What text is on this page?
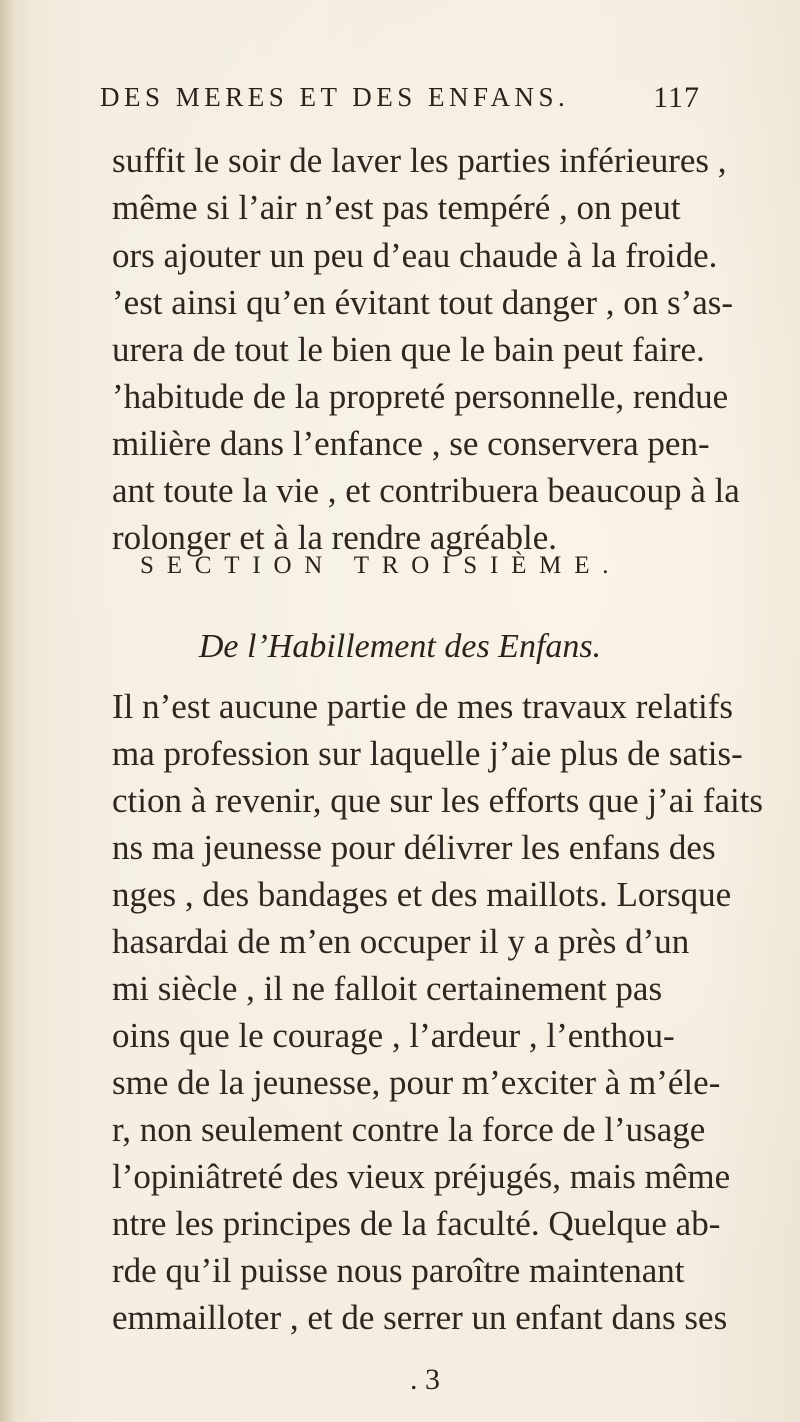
DES MERES ET DES ENFANS.	117
suffit le soir de laver les parties inférieures ,
même si l’air n’est pas tempéré , on peut
ors ajouter un peu d’eau chaude à la froide.
’est ainsi qu’en évitant tout danger , on s’as-
urera de tout le bien que le bain peut faire.
’habitude de la propreté personnelle, rendue
milière dans l’enfance , se conservera pen-
ant toute la vie , et contribuera beaucoup à la
rolonger et à la rendre agréable.
SECTION TROISIÈME.
De l’Habillement des Enfans.
Il n’est aucune partie de mes travaux relatifs
ma profession sur laquelle j’aie plus de satis-
ction à revenir, que sur les efforts que j’ai faits
ns ma jeunesse pour délivrer les enfans des
nges , des bandages et des maillots. Lorsque
hasardai de m’en occuper il y a près d’un
mi siècle , il ne falloit certainement pas
oins que le courage , l’ardeur , l’enthou-
sme de la jeunesse, pour m’exciter à m’éle-
r, non seulement contre la force de l’usage
l’opiniâtreté des vieux préjugés, mais même
ntre les principes de la faculté. Quelque ab-
rde qu’il puisse nous paroître maintenant
emmailloter , et de serrer un enfant dans ses
. 3
